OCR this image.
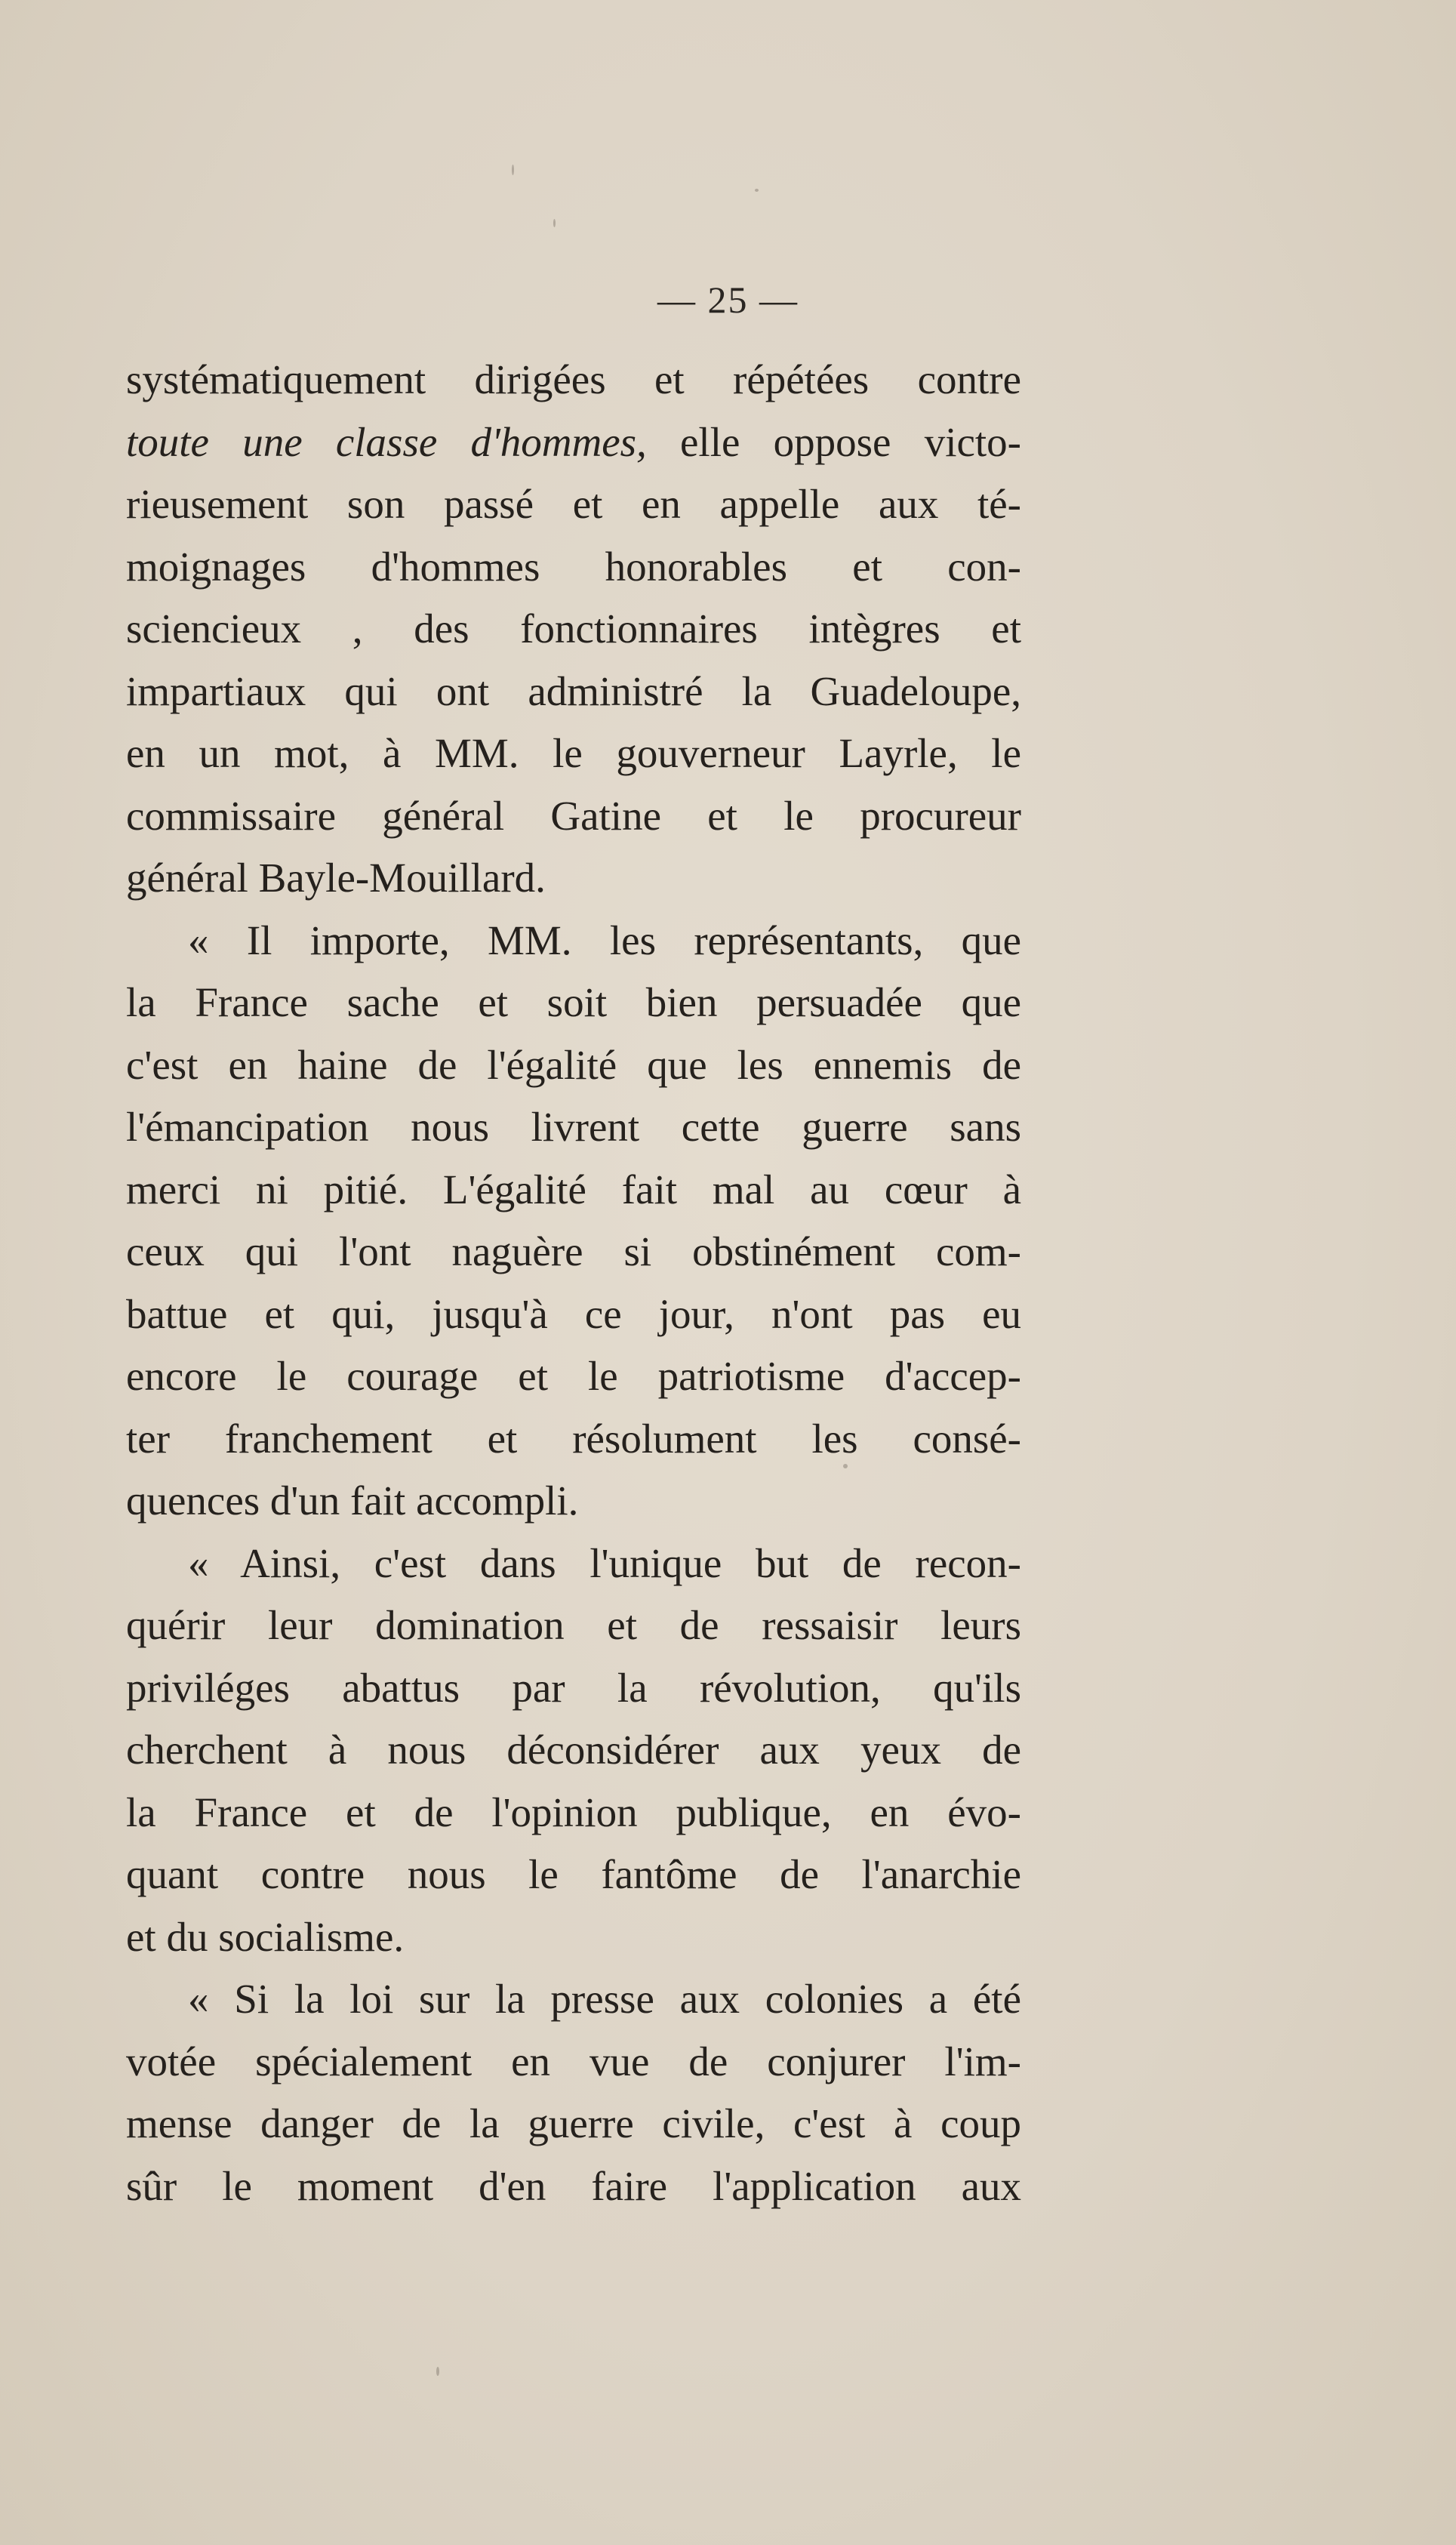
— 25 —
systématiquement dirigées et répétées contre
toute une classe d'hommes, elle oppose victo-
rieusement son passé et en appelle aux té-
moignages d'hommes honorables et con-
sciencieux , des fonctionnaires intègres et
impartiaux qui ont administré la Guadeloupe,
en un mot, à MM. le gouverneur Layrle, le
commissaire général Gatine et le procureur
général Bayle-Mouillard.
« Il importe, MM. les représentants, que
la France sache et soit bien persuadée que
c'est en haine de l'égalité que les ennemis de
l'émancipation nous livrent cette guerre sans
merci ni pitié. L'égalité fait mal au cœur à
ceux qui l'ont naguère si obstinément com-
battue et qui, jusqu'à ce jour, n'ont pas eu
encore le courage et le patriotisme d'accep-
ter franchement et résolument les consé-
quences d'un fait accompli.
« Ainsi, c'est dans l'unique but de recon-
quérir leur domination et de ressaisir leurs
priviléges abattus par la révolution, qu'ils
cherchent à nous déconsidérer aux yeux de
la France et de l'opinion publique, en évo-
quant contre nous le fantôme de l'anarchie
et du socialisme.
« Si la loi sur la presse aux colonies a été
votée spécialement en vue de conjurer l'im-
mense danger de la guerre civile, c'est à coup
sûr le moment d'en faire l'application aux
